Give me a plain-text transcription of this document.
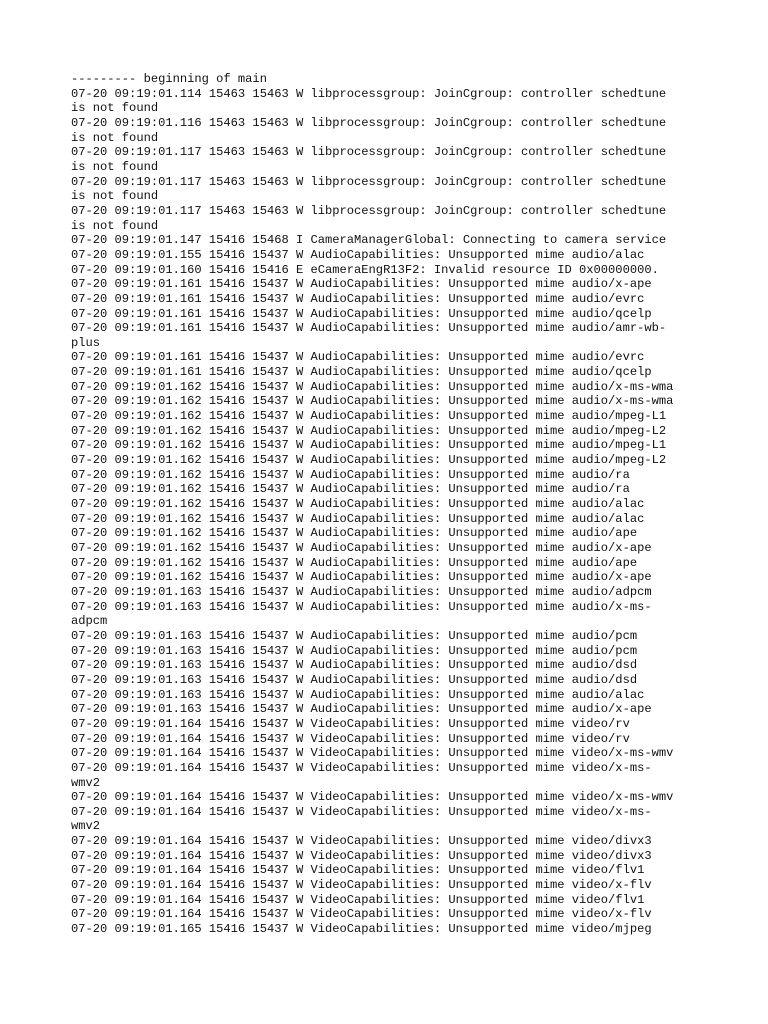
--------- beginning of main
07-20 09:19:01.114 15463 15463 W libprocessgroup: JoinCgroup: controller schedtune
is not found
07-20 09:19:01.116 15463 15463 W libprocessgroup: JoinCgroup: controller schedtune
is not found
07-20 09:19:01.117 15463 15463 W libprocessgroup: JoinCgroup: controller schedtune
is not found
07-20 09:19:01.117 15463 15463 W libprocessgroup: JoinCgroup: controller schedtune
is not found
07-20 09:19:01.117 15463 15463 W libprocessgroup: JoinCgroup: controller schedtune
is not found
07-20 09:19:01.147 15416 15468 I CameraManagerGlobal: Connecting to camera service
07-20 09:19:01.155 15416 15437 W AudioCapabilities: Unsupported mime audio/alac
07-20 09:19:01.160 15416 15416 E eCameraEngR13F2: Invalid resource ID 0x00000000.
07-20 09:19:01.161 15416 15437 W AudioCapabilities: Unsupported mime audio/x-ape
07-20 09:19:01.161 15416 15437 W AudioCapabilities: Unsupported mime audio/evrc
07-20 09:19:01.161 15416 15437 W AudioCapabilities: Unsupported mime audio/qcelp
07-20 09:19:01.161 15416 15437 W AudioCapabilities: Unsupported mime audio/amr-wb-
plus
07-20 09:19:01.161 15416 15437 W AudioCapabilities: Unsupported mime audio/evrc
07-20 09:19:01.161 15416 15437 W AudioCapabilities: Unsupported mime audio/qcelp
07-20 09:19:01.162 15416 15437 W AudioCapabilities: Unsupported mime audio/x-ms-wma
07-20 09:19:01.162 15416 15437 W AudioCapabilities: Unsupported mime audio/x-ms-wma
07-20 09:19:01.162 15416 15437 W AudioCapabilities: Unsupported mime audio/mpeg-L1
07-20 09:19:01.162 15416 15437 W AudioCapabilities: Unsupported mime audio/mpeg-L2
07-20 09:19:01.162 15416 15437 W AudioCapabilities: Unsupported mime audio/mpeg-L1
07-20 09:19:01.162 15416 15437 W AudioCapabilities: Unsupported mime audio/mpeg-L2
07-20 09:19:01.162 15416 15437 W AudioCapabilities: Unsupported mime audio/ra
07-20 09:19:01.162 15416 15437 W AudioCapabilities: Unsupported mime audio/ra
07-20 09:19:01.162 15416 15437 W AudioCapabilities: Unsupported mime audio/alac
07-20 09:19:01.162 15416 15437 W AudioCapabilities: Unsupported mime audio/alac
07-20 09:19:01.162 15416 15437 W AudioCapabilities: Unsupported mime audio/ape
07-20 09:19:01.162 15416 15437 W AudioCapabilities: Unsupported mime audio/x-ape
07-20 09:19:01.162 15416 15437 W AudioCapabilities: Unsupported mime audio/ape
07-20 09:19:01.162 15416 15437 W AudioCapabilities: Unsupported mime audio/x-ape
07-20 09:19:01.163 15416 15437 W AudioCapabilities: Unsupported mime audio/adpcm
07-20 09:19:01.163 15416 15437 W AudioCapabilities: Unsupported mime audio/x-ms-
adpcm
07-20 09:19:01.163 15416 15437 W AudioCapabilities: Unsupported mime audio/pcm
07-20 09:19:01.163 15416 15437 W AudioCapabilities: Unsupported mime audio/pcm
07-20 09:19:01.163 15416 15437 W AudioCapabilities: Unsupported mime audio/dsd
07-20 09:19:01.163 15416 15437 W AudioCapabilities: Unsupported mime audio/dsd
07-20 09:19:01.163 15416 15437 W AudioCapabilities: Unsupported mime audio/alac
07-20 09:19:01.163 15416 15437 W AudioCapabilities: Unsupported mime audio/x-ape
07-20 09:19:01.164 15416 15437 W VideoCapabilities: Unsupported mime video/rv
07-20 09:19:01.164 15416 15437 W VideoCapabilities: Unsupported mime video/rv
07-20 09:19:01.164 15416 15437 W VideoCapabilities: Unsupported mime video/x-ms-wmv
07-20 09:19:01.164 15416 15437 W VideoCapabilities: Unsupported mime video/x-ms-
wmv2
07-20 09:19:01.164 15416 15437 W VideoCapabilities: Unsupported mime video/x-ms-wmv
07-20 09:19:01.164 15416 15437 W VideoCapabilities: Unsupported mime video/x-ms-
wmv2
07-20 09:19:01.164 15416 15437 W VideoCapabilities: Unsupported mime video/divx3
07-20 09:19:01.164 15416 15437 W VideoCapabilities: Unsupported mime video/divx3
07-20 09:19:01.164 15416 15437 W VideoCapabilities: Unsupported mime video/flv1
07-20 09:19:01.164 15416 15437 W VideoCapabilities: Unsupported mime video/x-flv
07-20 09:19:01.164 15416 15437 W VideoCapabilities: Unsupported mime video/flv1
07-20 09:19:01.164 15416 15437 W VideoCapabilities: Unsupported mime video/x-flv
07-20 09:19:01.165 15416 15437 W VideoCapabilities: Unsupported mime video/mjpeg
